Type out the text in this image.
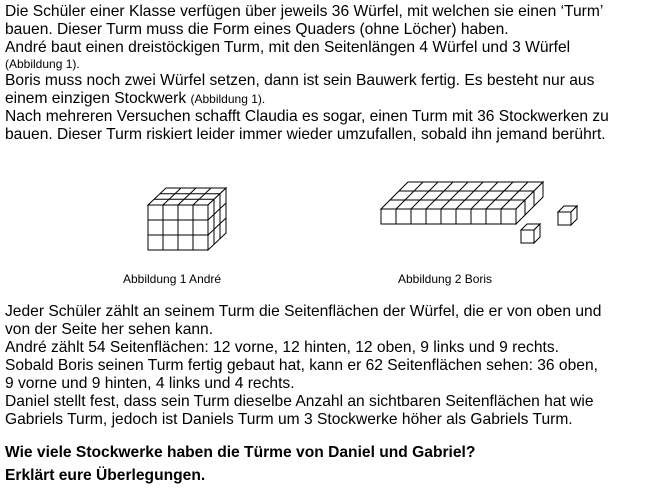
Die Schüler einer Klasse verfügen über jeweils 36 Würfel, mit welchen sie einen ‘Turm’
bauen. Dieser Turm muss die Form eines Quaders (ohne Löcher) haben.
André baut einen dreistöckigen Turm, mit den Seitenlängen 4 Würfel und 3 Würfel
(Abbildung 1).
Boris muss noch zwei Würfel setzen, dann ist sein Bauwerk fertig. Es besteht nur aus
einem einzigen Stockwerk (Abbildung 1).
Nach mehreren Versuchen schafft Claudia es sogar, einen Turm mit 36 Stockwerken zu
bauen. Dieser Turm riskiert leider immer wieder umzufallen, sobald ihn jemand berührt.
Abbildung 1 André	Abbildung 2 Boris
Jeder Schüler zählt an seinem Turm die Seitenflächen der Würfel, die er von oben und
von der Seite her sehen kann.
André zählt 54 Seitenflächen: 12 vorne, 12 hinten, 12 oben, 9 links und 9 rechts.
Sobald Boris seinen Turm fertig gebaut hat, kann er 62 Seitenflächen sehen: 36 oben,
9 vorne und 9 hinten, 4 links und 4 rechts.
Daniel stellt fest, dass sein Turm dieselbe Anzahl an sichtbaren Seitenflächen hat wie
Gabriels Turm, jedoch ist Daniels Turm um 3 Stockwerke höher als Gabriels Turm.
Wie viele Stockwerke haben die Türme von Daniel und Gabriel?
Erklärt eure Überlegungen.
